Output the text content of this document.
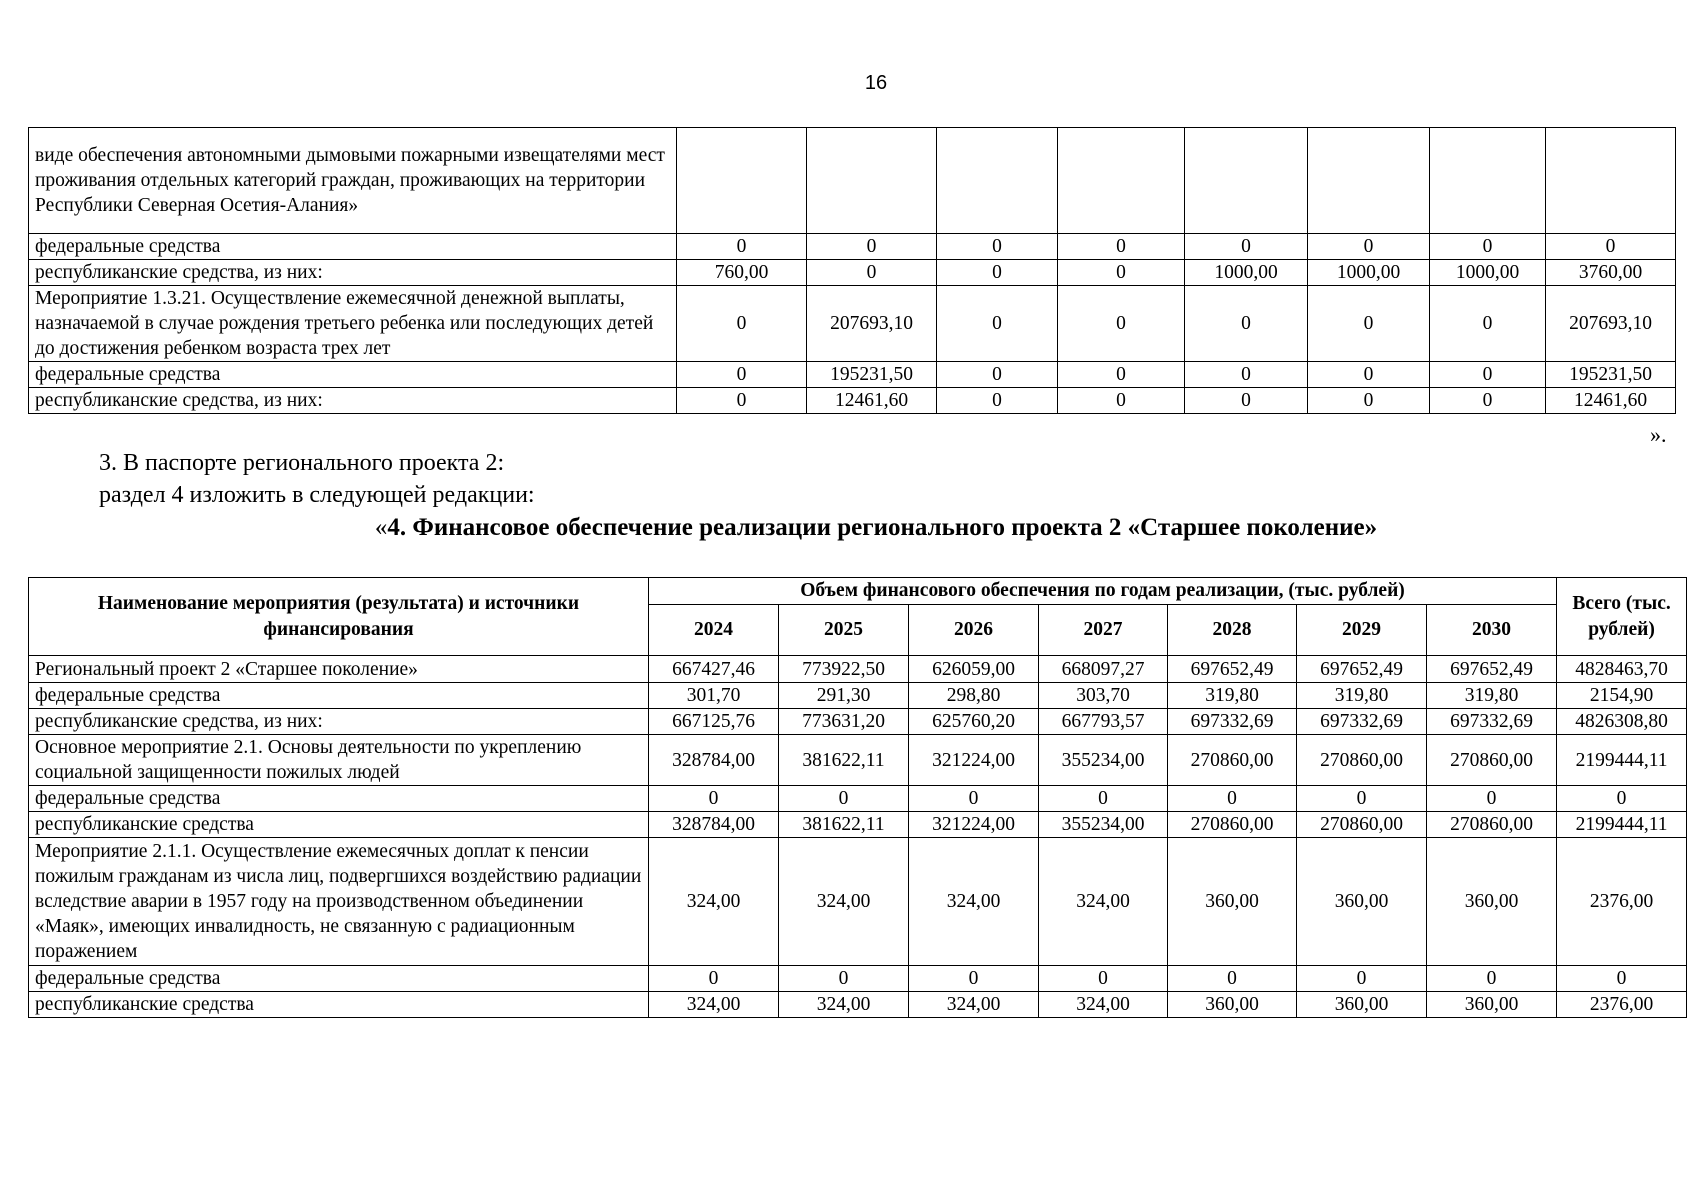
16
виде обеспечения автономными дымовыми пожарными извещателями мест проживания отдельных категорий граждан, проживающих на территории Республики Северная Осетия-Алания»								
федеральные средства	0	0	0	0	0	0	0	0
республиканские средства, из них:	760,00	0	0	0	1000,00	1000,00	1000,00	3760,00
Мероприятие 1.3.21. Осуществление ежемесячной денежной выплаты, назначаемой в случае рождения третьего ребенка или последующих детей до достижения ребенком возраста трех лет	0	207693,10	0	0	0	0	0	207693,10
федеральные средства	0	195231,50	0	0	0	0	0	195231,50
республиканские средства, из них:	0	12461,60	0	0	0	0	0	12461,60
».
3. В паспорте регионального проекта 2:
раздел 4 изложить в следующей редакции:
«4. Финансовое обеспечение реализации регионального проекта 2 «Старшее поколение»
Наименование мероприятия (результата) и источники финансирования	Объем финансового обеспечения по годам реализации, (тыс. рублей)							Всего (тыс. рублей)
	2024	2025	2026	2027	2028	2029	2030	
Региональный проект 2 «Старшее поколение»	667427,46	773922,50	626059,00	668097,27	697652,49	697652,49	697652,49	4828463,70
федеральные средства	301,70	291,30	298,80	303,70	319,80	319,80	319,80	2154,90
республиканские средства, из них:	667125,76	773631,20	625760,20	667793,57	697332,69	697332,69	697332,69	4826308,80
Основное мероприятие 2.1. Основы деятельности по укреплению социальной защищенности пожилых людей	328784,00	381622,11	321224,00	355234,00	270860,00	270860,00	270860,00	2199444,11
федеральные средства	0	0	0	0	0	0	0	0
республиканские средства	328784,00	381622,11	321224,00	355234,00	270860,00	270860,00	270860,00	2199444,11
Мероприятие 2.1.1. Осуществление ежемесячных доплат к пенсии пожилым гражданам из числа лиц, подвергшихся воздействию радиации вследствие аварии в 1957 году на производственном объединении «Маяк», имеющих инвалидность, не связанную с радиационным поражением	324,00	324,00	324,00	324,00	360,00	360,00	360,00	2376,00
федеральные средства	0	0	0	0	0	0	0	0
республиканские средства	324,00	324,00	324,00	324,00	360,00	360,00	360,00	2376,00
